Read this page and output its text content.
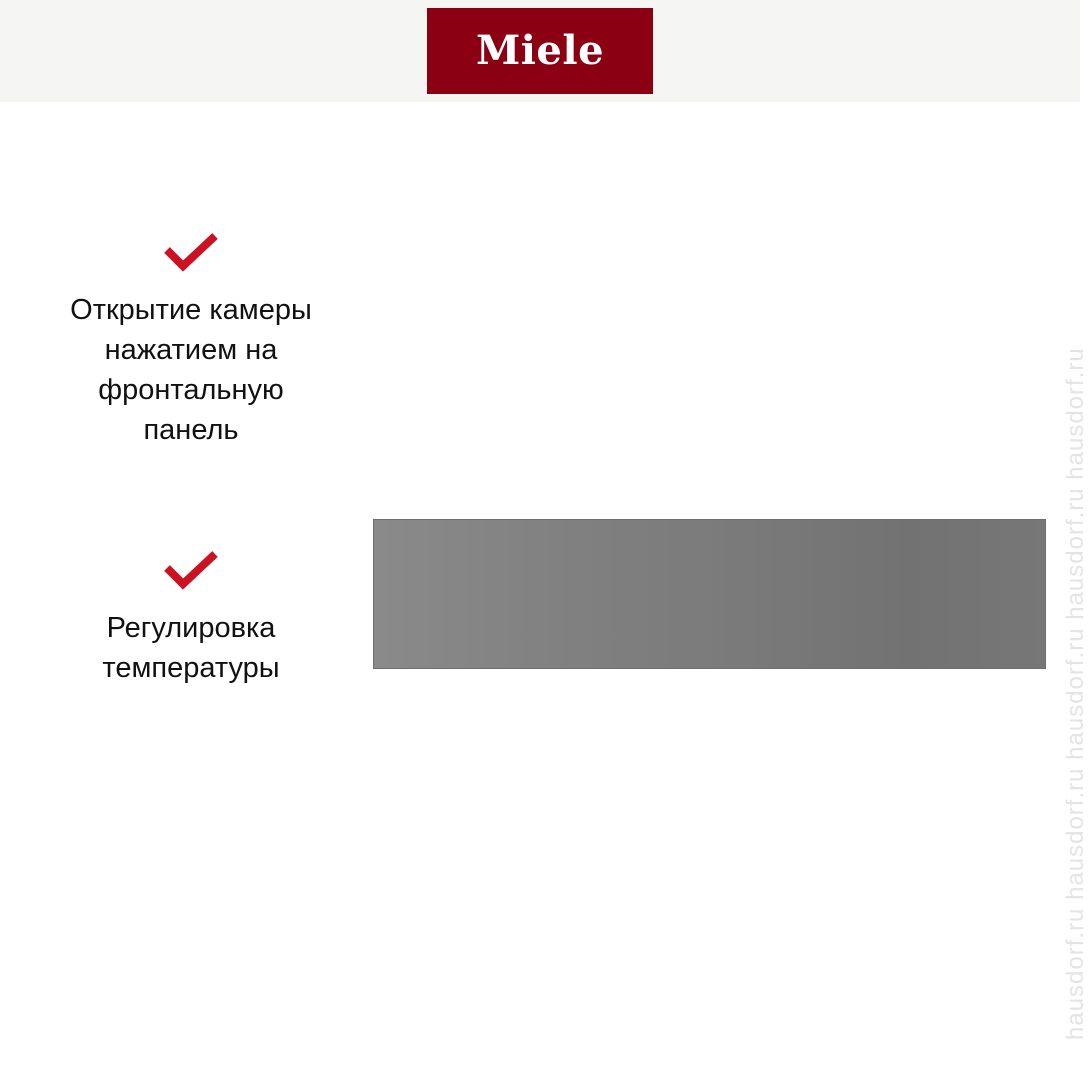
Miele
Открытие камеры
нажатием на
фронтальную
панель
Регулировка
температуры	hausdorf.ru hausdorf.ru hausdorf.ru hausdorf.ru hausdorf.ru
